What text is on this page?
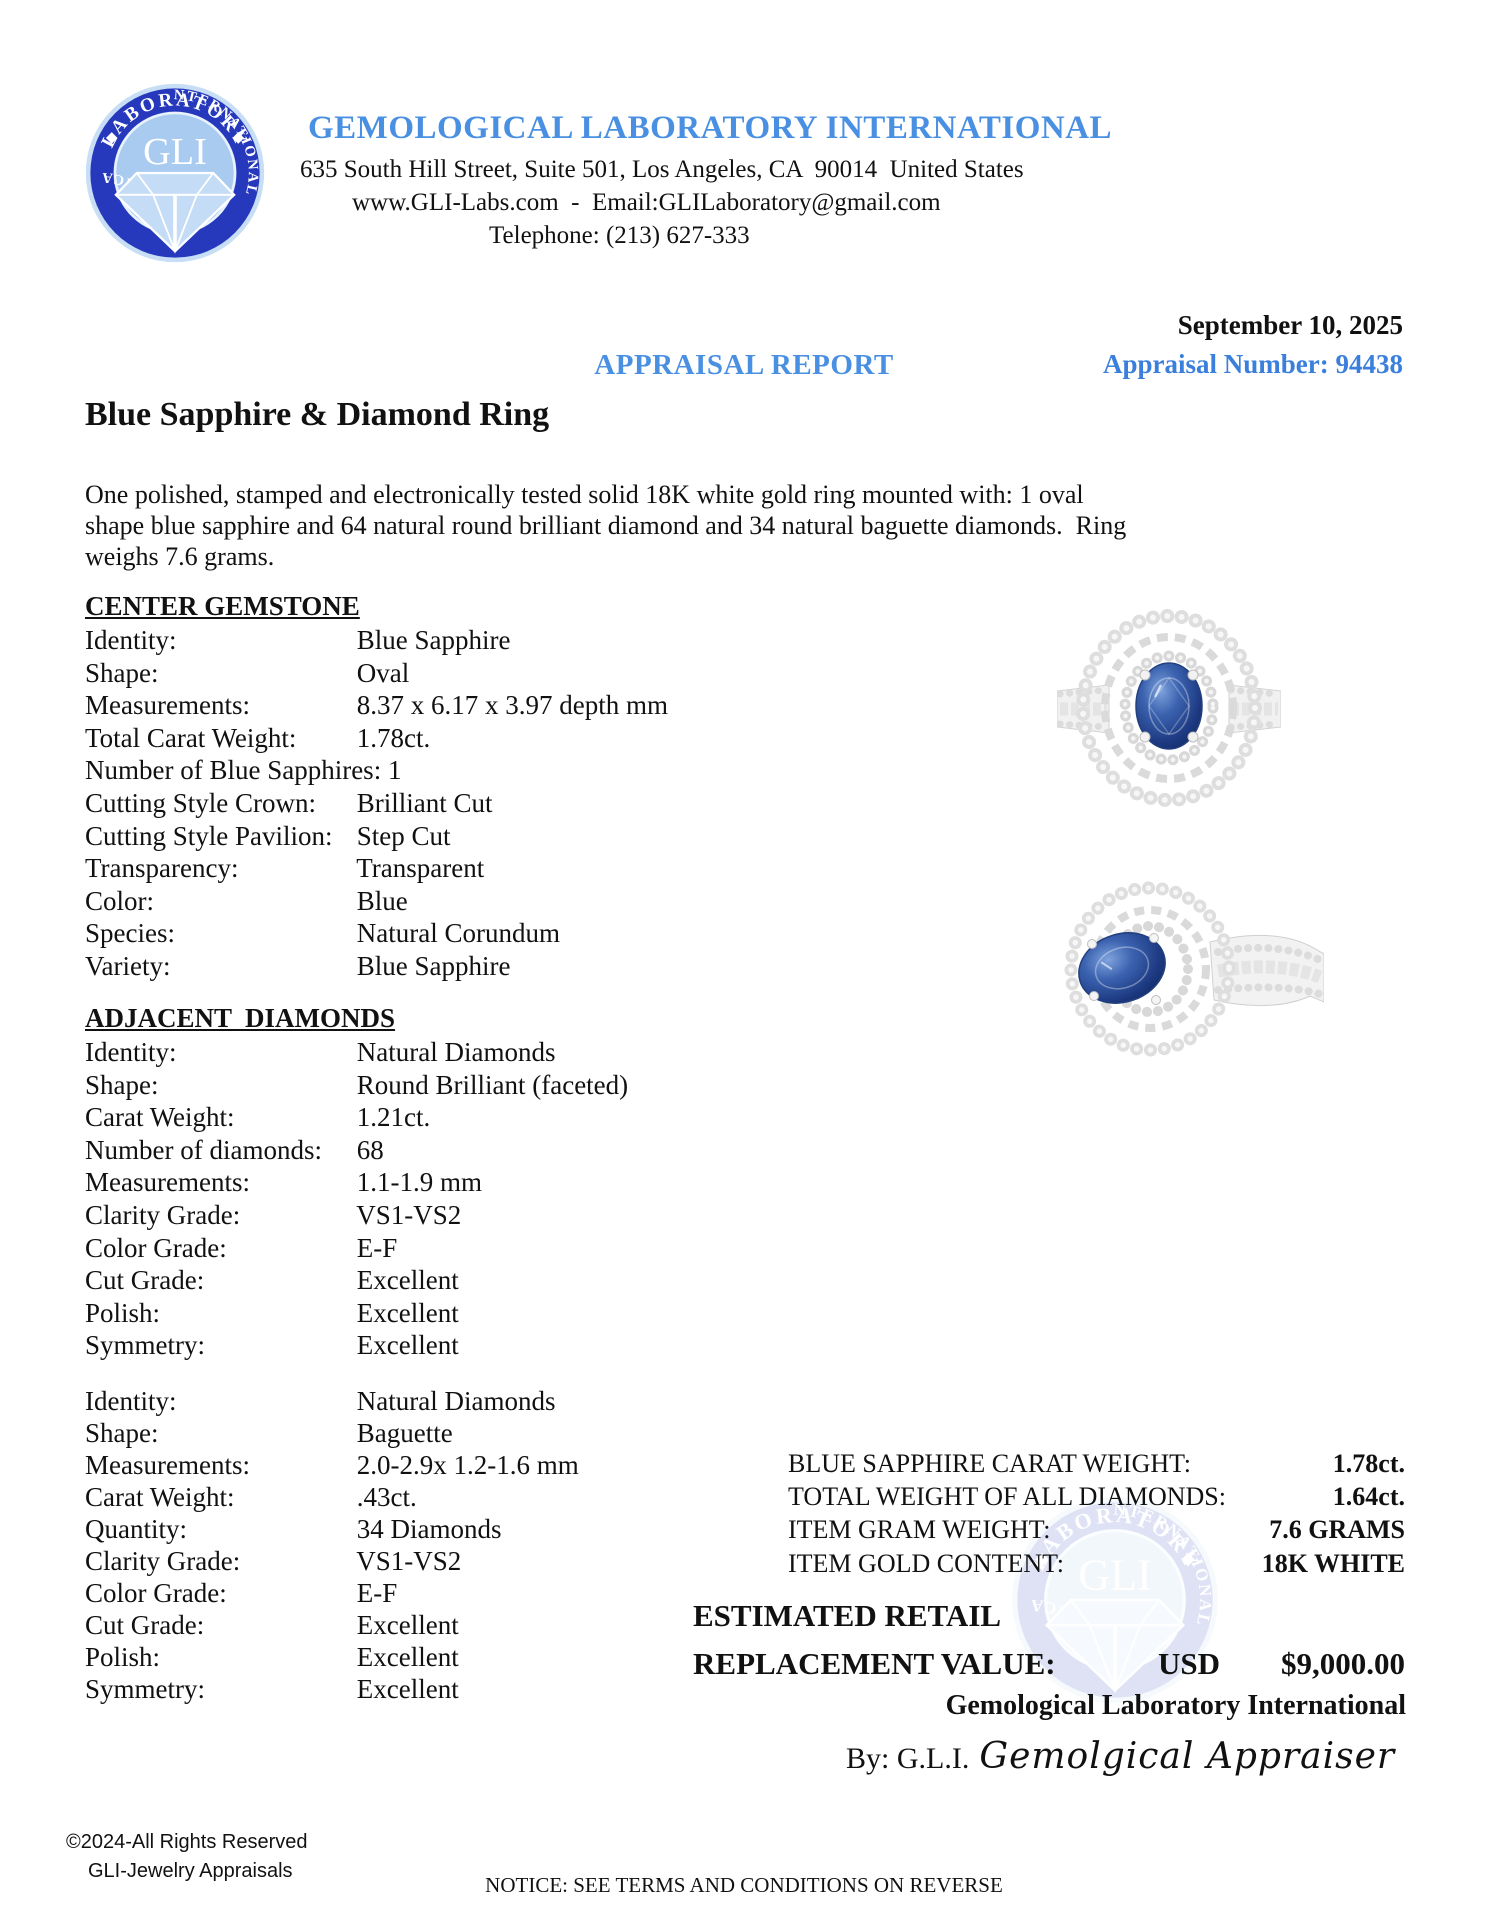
GEMOLOGICAL LABORATORY INTERNATIONAL
635 South Hill Street, Suite 501, Los Angeles, CA  90014  United States
www.GLI-Labs.com  -  Email:GLILaboratory@gmail.com
Telephone: (213) 627-333
September 10, 2025
APPRAISAL REPORT	Appraisal Number: 94438
Blue Sapphire & Diamond Ring
One polished, stamped and electronically tested solid 18K white gold ring mounted with: 1 oval shape blue sapphire and 64 natural round brilliant diamond and 34 natural baguette diamonds.  Ring weighs 7.6 grams.
CENTER GEMSTONE
Identity:	Blue Sapphire
Shape:	Oval
Measurements:	8.37 x 6.17 x 3.97 depth mm
Total Carat Weight: 1.78ct.
Number of Blue Sapphires: 1
Cutting Style Crown: Brilliant Cut
Cutting Style Pavilion: Step Cut
Transparency:	Transparent
Color:	Blue
Species:	Natural Corundum
Variety:	Blue Sapphire
ADJACENT  DIAMONDS
Identity:	Natural Diamonds
Shape:	Round Brilliant (faceted)
Carat Weight:	1.21ct.
Number of diamonds: 68
Measurements:	1.1-1.9 mm
Clarity Grade:	VS1-VS2
Color Grade:	E-F
Cut Grade:	Excellent
Polish:	Excellent
Symmetry:	Excellent
Identity:	Natural Diamonds
Shape:	Baguette
Measurements:	2.0-2.9x 1.2-1.6 mm
Carat Weight:	.43ct.
Quantity:	34 Diamonds
Clarity Grade:	VS1-VS2
Color Grade:	E-F
Cut Grade:	Excellent
Polish:	Excellent
Symmetry:	Excellent
BLUE SAPPHIRE CARAT WEIGHT:	1.78ct.
TOTAL WEIGHT OF ALL DIAMONDS:	1.64ct.
ITEM GRAM WEIGHT:	7.6 GRAMS
ITEM GOLD CONTENT:	18K WHITE
ESTIMATED RETAIL
REPLACEMENT VALUE:	USD $9,000.00
Gemological Laboratory International
By: G.L.I. Gemolgical Appraiser
©2024-All Rights Reserved
GLI-Jewelry Appraisals
NOTICE: SEE TERMS AND CONDITIONS ON REVERSE
